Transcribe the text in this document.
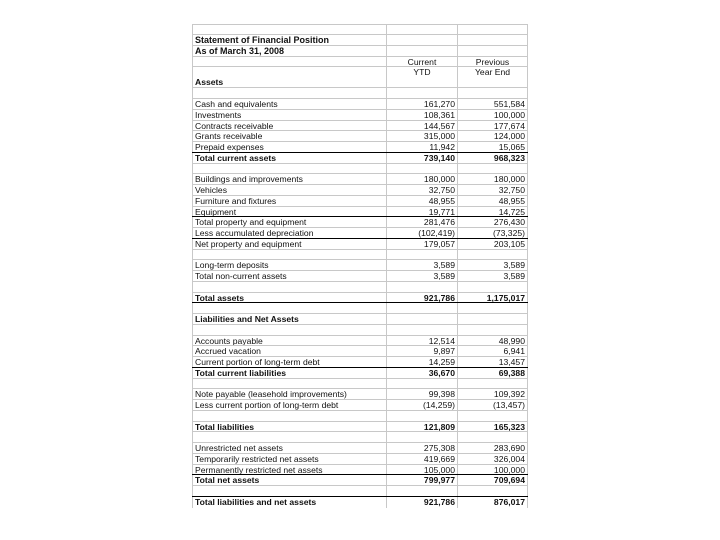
Statement of Financial Position
As of March 31, 2008
Current	Previous
Assets
YTD	Year End
Cash and equivalents	161,270	551,584
Investments	108,361	100,000
Contracts receivable	144,567	177,674
Grants receivable	315,000	124,000
Prepaid expenses	11,942	15,065
Total current assets	739,140	968,323
Buildings and improvements	180,000	180,000
Vehicles	32,750	32,750
Furniture and fixtures	48,955	48,955
Equipment	19,771	14,725
Total property and equipment	281,476	276,430
Less accumulated depreciation	(102,419)	(73,325)
Net property and equipment	179,057	203,105
Long-term deposits	3,589	3,589
Total non-current assets	3,589	3,589
Total assets	921,786	1,175,017
Liabilities and Net Assets
Accounts payable	12,514	48,990
Accrued vacation	9,897	6,941
Current portion of long-term debt	14,259	13,457
Total current liabilities	36,670	69,388
Note payable (leasehold improvements)	99,398	109,392
Less current portion of long-term debt	(14,259)	(13,457)
Total liabilities	121,809	165,323
Unrestricted net assets	275,308	283,690
Temporarily restricted net assets	419,669	326,004
Permanently restricted net assets	105,000	100,000
Total net assets	799,977	709,694
Total liabilities and net assets	921,786	876,017
